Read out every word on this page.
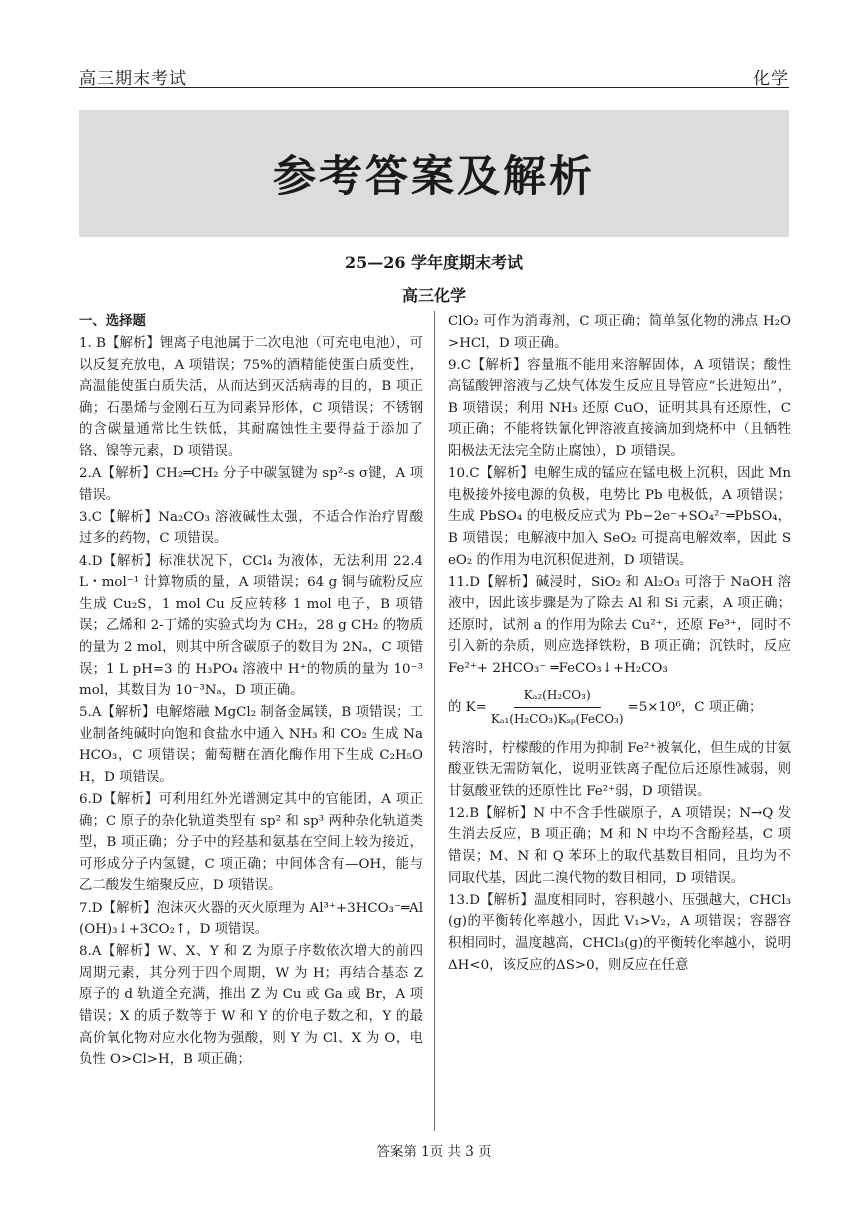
高三期末考试	化学
参考答案及解析
25—26 学年度期末考试
高三化学

一、选择题

1. B【解析】锂离子电池属于二次电池（可充电电池），可以反复充放电，A 项错误；75%的酒精能使蛋白质变性，高温能使蛋白质失活，从而达到灭活病毒的目的，B 项正确；石墨烯与金刚石互为同素异形体，C 项错误；不锈钢的含碳量通常比生铁低，其耐腐蚀性主要得益于添加了铬、镍等元素，D 项错误。

2.A【解析】CH₂═CH₂ 分子中碳氢键为 sp²-s σ键，A 项错误。

3.C【解析】Na₂CO₃ 溶液碱性太强，不适合作治疗胃酸过多的药物，C 项错误。

4.D【解析】标准状况下，CCl₄ 为液体，无法利用 22.4 L・mol⁻¹ 计算物质的量，A 项错误；64 g 铜与硫粉反应生成 Cu₂S，1 mol Cu 反应转移 1 mol 电子，B 项错误；乙烯和 2-丁烯的实验式均为 CH₂，28 g CH₂ 的物质的量为 2 mol，则其中所含碳原子的数目为 2Nₐ，C 项错误；1 L pH=3 的 H₃PO₄ 溶液中 H⁺的物质的量为 10⁻³ mol，其数目为 10⁻³Nₐ，D 项正确。

5.A【解析】电解熔融 MgCl₂ 制备金属镁，B 项错误；工业制备纯碱时向饱和食盐水中通入 NH₃ 和 CO₂ 生成 NaHCO₃，C 项错误；葡萄糖在酒化酶作用下生成 C₂H₅OH，D 项错误。

6.D【解析】可利用红外光谱测定其中的官能团，A 项正确；C 原子的杂化轨道类型有 sp² 和 sp³ 两种杂化轨道类型，B 项正确；分子中的羟基和氨基在空间上较为接近，可形成分子内氢键，C 项正确；中间体含有—OH，能与乙二酸发生缩聚反应，D 项错误。

7.D【解析】泡沫灭火器的灭火原理为 Al³⁺+3HCO₃⁻═Al(OH)₃↓+3CO₂↑，D 项错误。

8.A【解析】W、X、Y 和 Z 为原子序数依次增大的前四周期元素，其分列于四个周期，W 为 H；再结合基态 Z 原子的 d 轨道全充满，推出 Z 为 Cu 或 Ga 或 Br，A 项错误；X 的质子数等于 W 和 Y 的价电子数之和，Y 的最高价氧化物对应水化物为强酸，则 Y 为 Cl、X 为 O，电负性 O>Cl>H，B 项正确；

ClO₂ 可作为消毒剂，C 项正确；简单氢化物的沸点 H₂O>HCl，D 项正确。

9.C【解析】容量瓶不能用来溶解固体，A 项错误；酸性高锰酸钾溶液与乙炔气体发生反应且导管应“长进短出”，B 项错误；利用 NH₃ 还原 CuO，证明其具有还原性，C 项正确；不能将铁氰化钾溶液直接滴加到烧杯中（且牺牲阳极法无法完全防止腐蚀），D 项错误。

10.C【解析】电解生成的锰应在锰电极上沉积，因此 Mn 电极接外接电源的负极，电势比 Pb 电极低，A 项错误；生成 PbSO₄ 的电极反应式为 Pb−2e⁻+SO₄²⁻═PbSO₄，B 项错误；电解液中加入 SeO₂ 可提高电解效率，因此 SeO₂ 的作用为电沉积促进剂，D 项错误。

11.D【解析】碱浸时，SiO₂ 和 Al₂O₃ 可溶于 NaOH 溶液中，因此该步骤是为了除去 Al 和 Si 元素，A 项正确；还原时，试剂 a 的作用为除去 Cu²⁺，还原 Fe³⁺，同时不引入新的杂质，则应选择铁粉，B 项正确；沉铁时，反应 Fe²⁺+ 2HCO₃⁻ ═FeCO₃↓+H₂CO₃

的 $K= \frac{\text{Kₐ₂(H₂CO₃)}}{\text{Kₐ₁(H₂CO₃)Kₛₚ(FeCO₃)}} =5\times 10^6$，C 项正确；

转溶时，柠檬酸的作用为抑制 Fe²⁺被氧化，但生成的甘氨酸亚铁无需防氧化，说明亚铁离子配位后还原性减弱，则甘氨酸亚铁的还原性比 Fe²⁺弱，D 项错误。

12.B【解析】N 中不含手性碳原子，A 项错误；N→Q 发生消去反应，B 项正确；M 和 N 中均不含酚羟基，C 项错误；M、N 和 Q 苯环上的取代基数目相同，且均为不同取代基，因此二溴代物的数目相同，D 项错误。

13.D【解析】温度相同时，容积越小、压强越大，CHCl₃(g)的平衡转化率越小，因此 V₁>V₂，A 项错误；容器容积相同时，温度越高，CHCl₃(g)的平衡转化率越小，说明ΔH<0，该反应的ΔS>0，则反应在任意

答案第 1页 共 3 页
